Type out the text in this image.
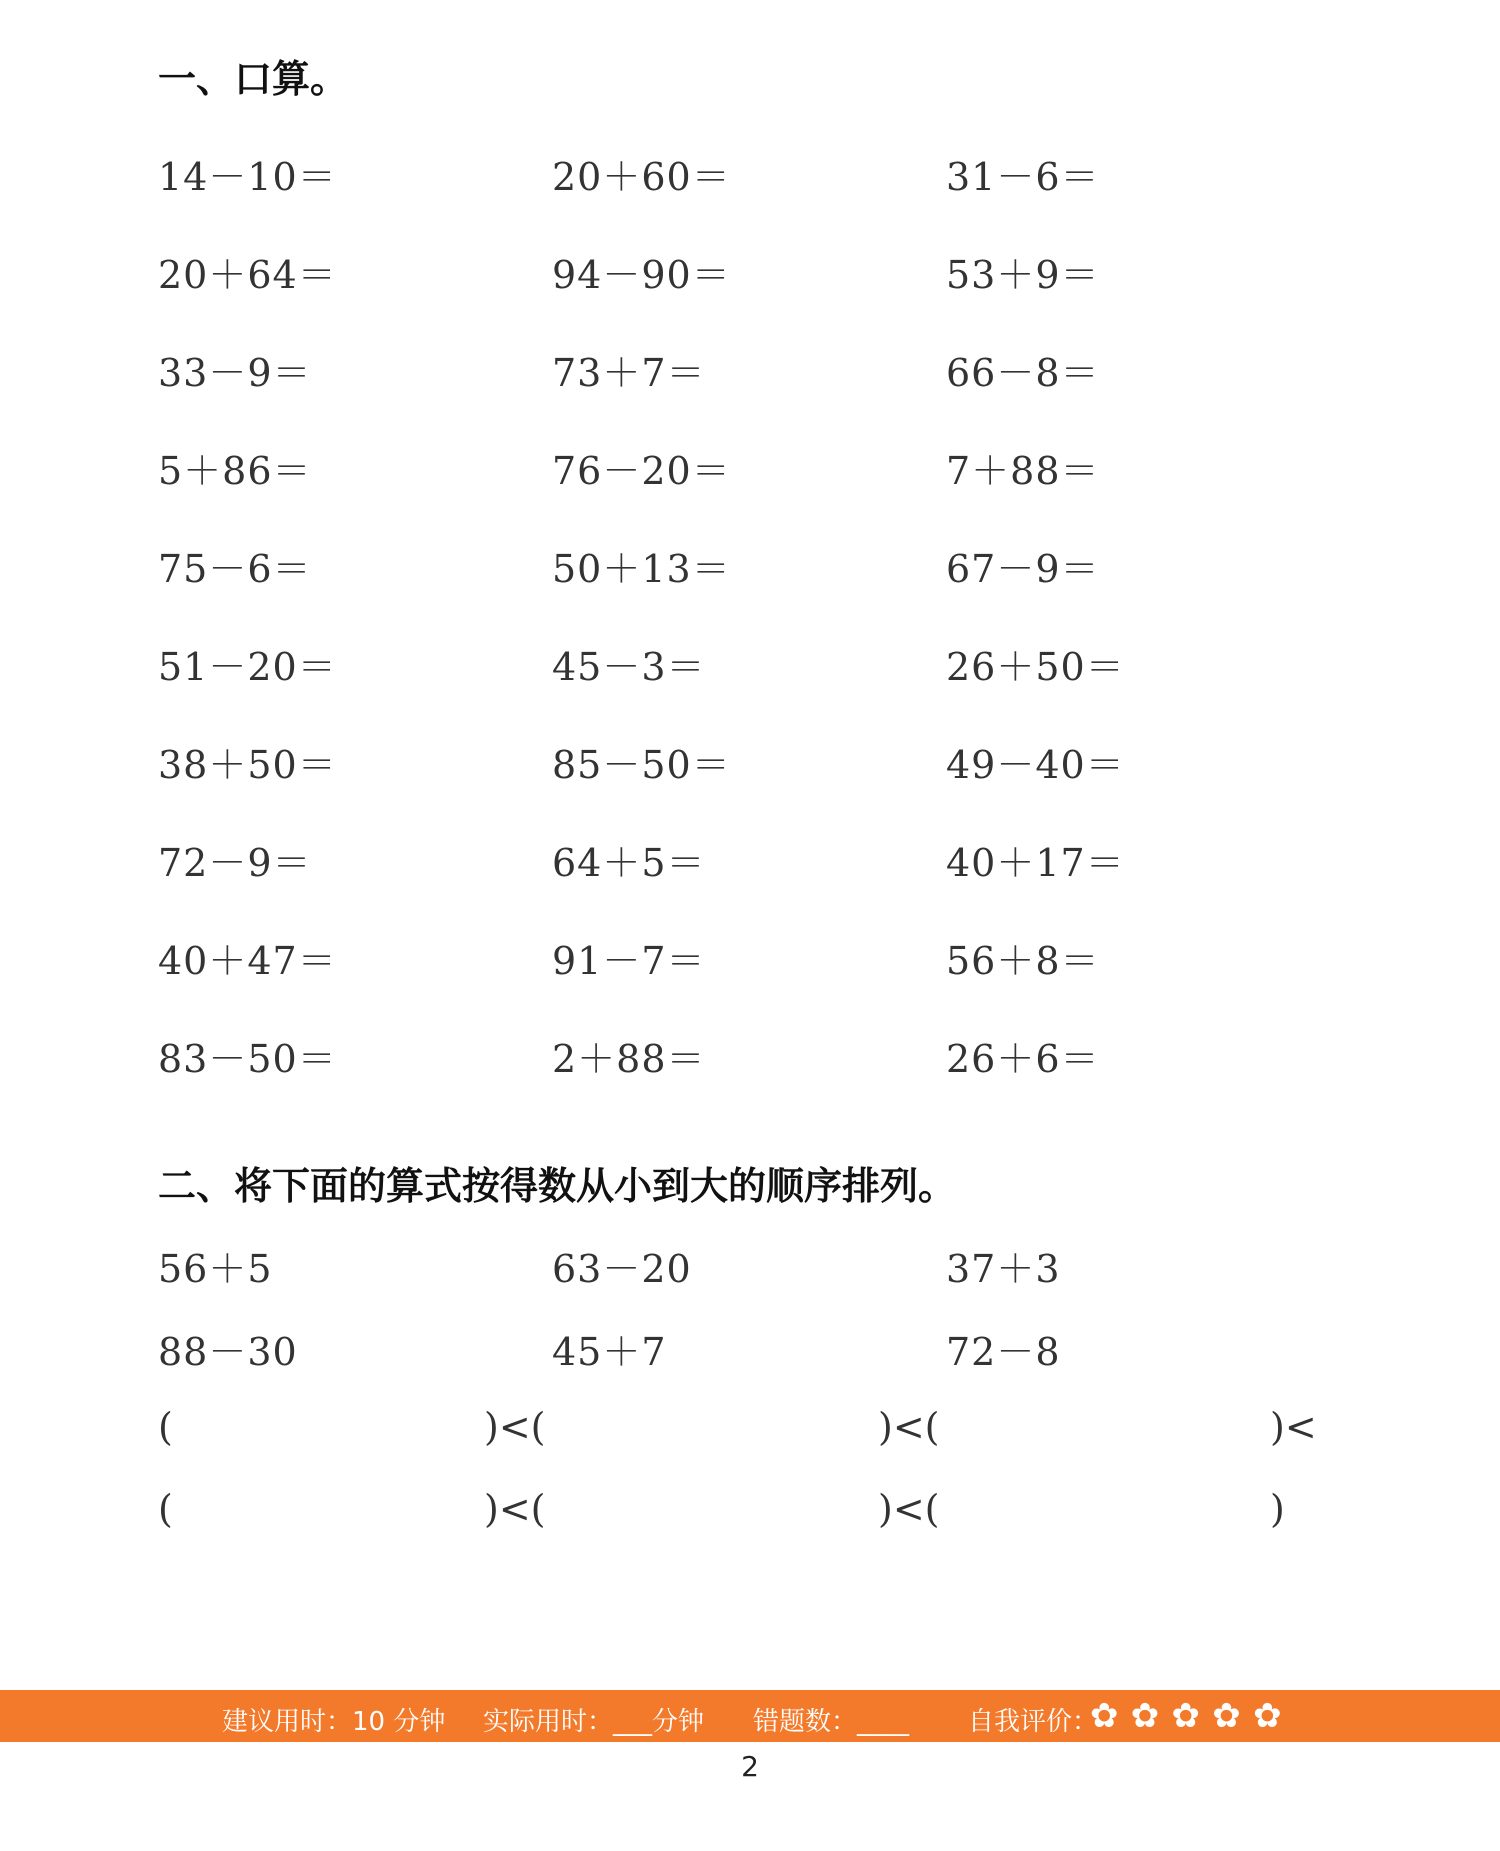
一、口算。
14－10＝	20＋60＝	31－6＝
20＋64＝	94－90＝	53＋9＝
33－9＝	73＋7＝	66－8＝
5＋86＝	76－20＝	7＋88＝
75－6＝	50＋13＝	67－9＝
51－20＝	45－3＝	26＋50＝
38＋50＝	85－50＝	49－40＝
72－9＝	64＋5＝	40＋17＝
40＋47＝	91－7＝	56＋8＝
83－50＝	2＋88＝	26＋6＝
二、将下面的算式按得数从小到大的顺序排列。
56＋5	63－20	37＋3
88－30	45＋7	72－8
(	)<(	)<(	)<
(	)<(	)<(	)
建议用时：10 分钟 实际用时：___分钟 错题数：____ 自我评价：
✿ ✿ ✿ ✿ ✿
2
